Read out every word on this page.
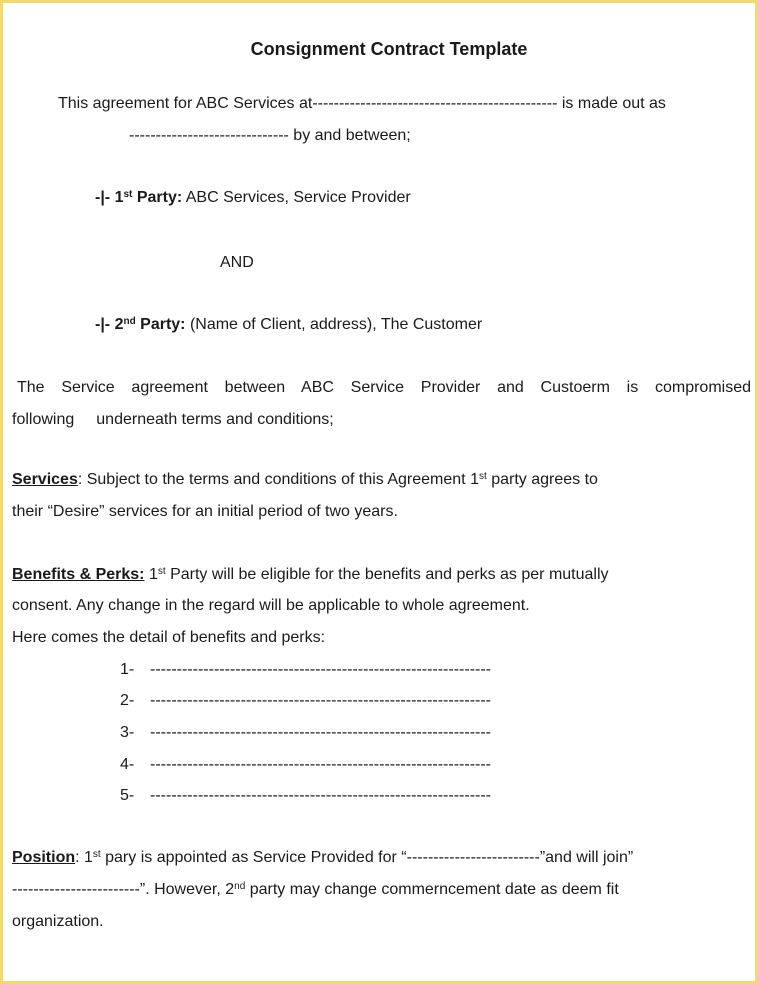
Consignment Contract Template

This agreement for ABC Services at---------------------------------------------- is made out as

------------------------------ by and between;

-|- 1st Party: ABC Services, Service Provider

AND

-|- 2nd Party: (Name of Client, address), The Customer

The Service agreement between ABC Service Provider and Custoerm is compromised

following underneath terms and conditions;

Services: Subject to the terms and conditions of this Agreement 1st party agrees to

their “Desire” services for an initial period of two years.

Benefits & Perks: 1st Party will be eligible for the benefits and perks as per mutually

consent. Any change in the regard will be applicable to whole agreement.

Here comes the detail of benefits and perks:

1- ----------------------------------------------------------------

2- ----------------------------------------------------------------

3- ----------------------------------------------------------------

4- ----------------------------------------------------------------

5- ----------------------------------------------------------------

Position: 1st pary is appointed as Service Provided for “-------------------------”and will join”

------------------------”. However, 2nd party may change commerncement date as deem fit

organization.
